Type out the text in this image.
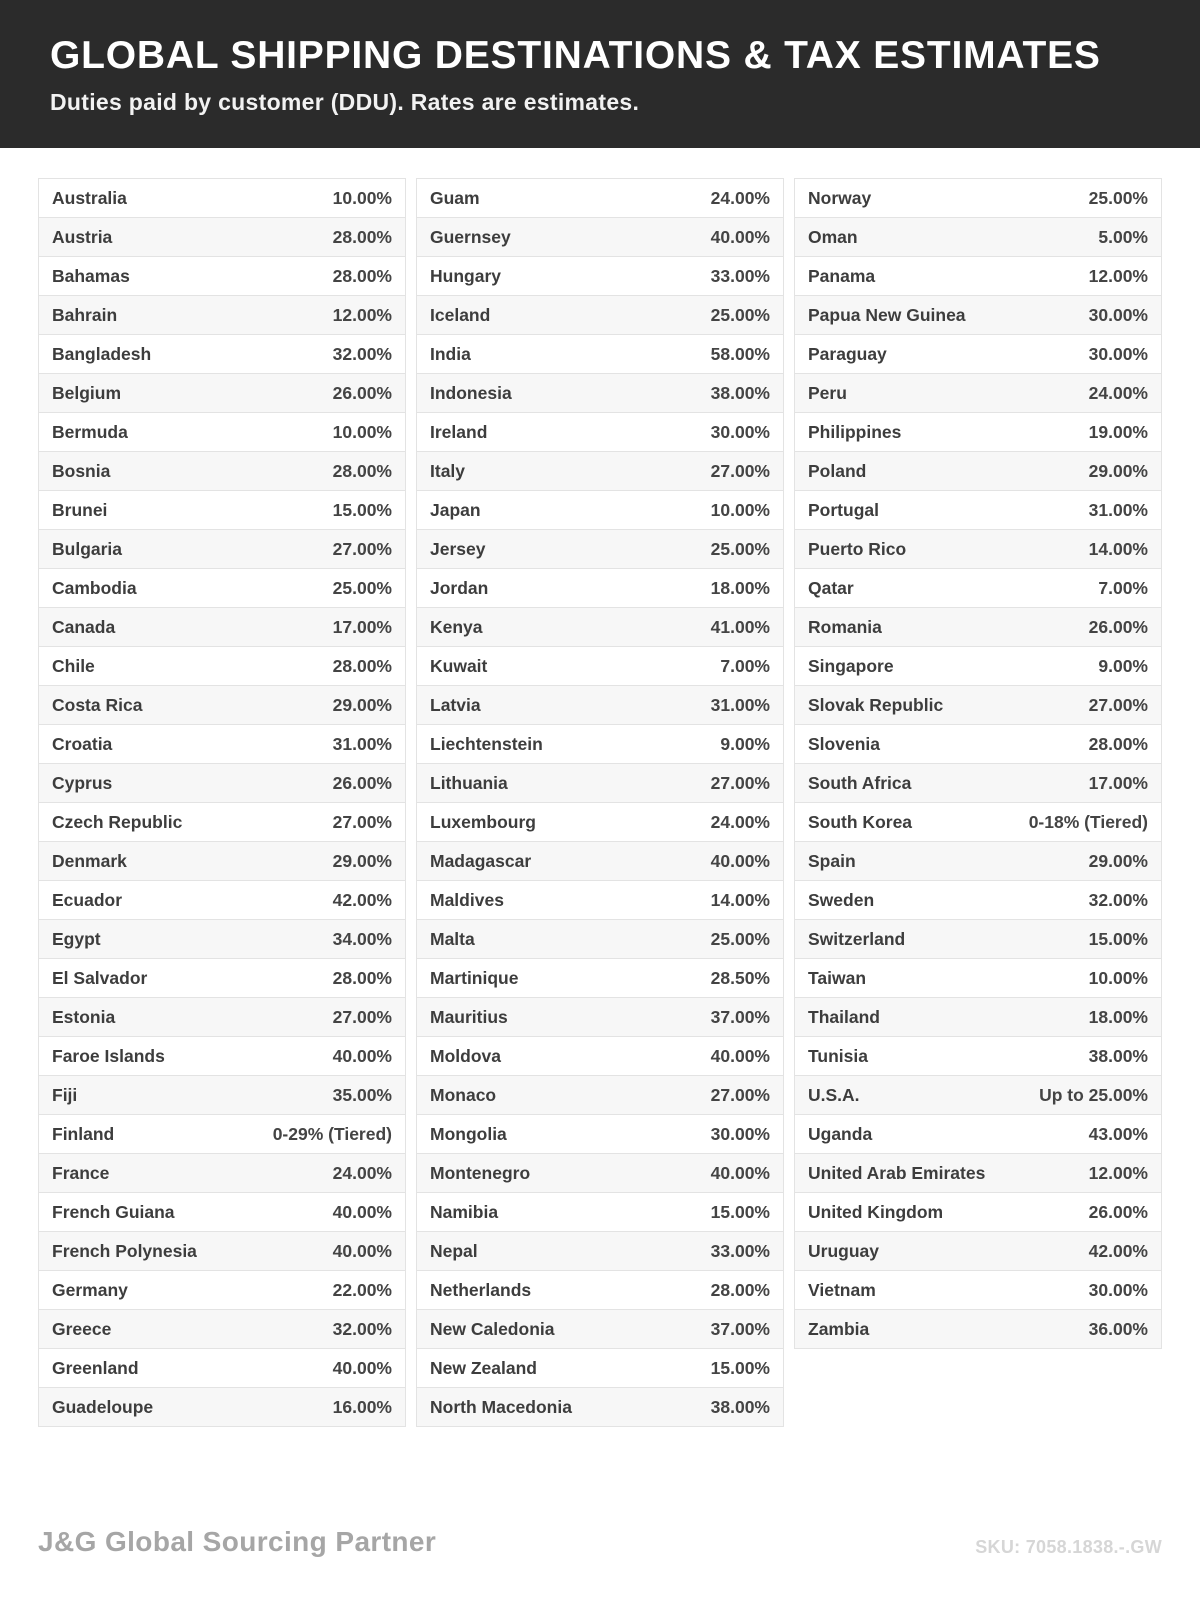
GLOBAL SHIPPING DESTINATIONS & TAX ESTIMATES

Duties paid by customer (DDU). Rates are estimates.

Australia	10.00%
Austria	28.00%
Bahamas	28.00%
Bahrain	12.00%
Bangladesh	32.00%
Belgium	26.00%
Bermuda	10.00%
Bosnia	28.00%
Brunei	15.00%
Bulgaria	27.00%
Cambodia	25.00%
Canada	17.00%
Chile	28.00%
Costa Rica	29.00%
Croatia	31.00%
Cyprus	26.00%
Czech Republic	27.00%
Denmark	29.00%
Ecuador	42.00%
Egypt	34.00%
El Salvador	28.00%
Estonia	27.00%
Faroe Islands	40.00%
Fiji	35.00%
Finland	0-29% (Tiered)
France	24.00%
French Guiana	40.00%
French Polynesia	40.00%
Germany	22.00%
Greece	32.00%
Greenland	40.00%
Guadeloupe	16.00%
Guam	24.00%
Guernsey	40.00%
Hungary	33.00%
Iceland	25.00%
India	58.00%
Indonesia	38.00%
Ireland	30.00%
Italy	27.00%
Japan	10.00%
Jersey	25.00%
Jordan	18.00%
Kenya	41.00%
Kuwait	7.00%
Latvia	31.00%
Liechtenstein	9.00%
Lithuania	27.00%
Luxembourg	24.00%
Madagascar	40.00%
Maldives	14.00%
Malta	25.00%
Martinique	28.50%
Mauritius	37.00%
Moldova	40.00%
Monaco	27.00%
Mongolia	30.00%
Montenegro	40.00%
Namibia	15.00%
Nepal	33.00%
Netherlands	28.00%
New Caledonia	37.00%
New Zealand	15.00%
North Macedonia	38.00%
Norway	25.00%
Oman	5.00%
Panama	12.00%
Papua New Guinea	30.00%
Paraguay	30.00%
Peru	24.00%
Philippines	19.00%
Poland	29.00%
Portugal	31.00%
Puerto Rico	14.00%
Qatar	7.00%
Romania	26.00%
Singapore	9.00%
Slovak Republic	27.00%
Slovenia	28.00%
South Africa	17.00%
South Korea	0-18% (Tiered)
Spain	29.00%
Sweden	32.00%
Switzerland	15.00%
Taiwan	10.00%
Thailand	18.00%
Tunisia	38.00%
U.S.A.	Up to 25.00%
Uganda	43.00%
United Arab Emirates	12.00%
United Kingdom	26.00%
Uruguay	42.00%
Vietnam	30.00%
Zambia	36.00%
J&G Global Sourcing Partner	SKU: 7058.1838.-.GW
